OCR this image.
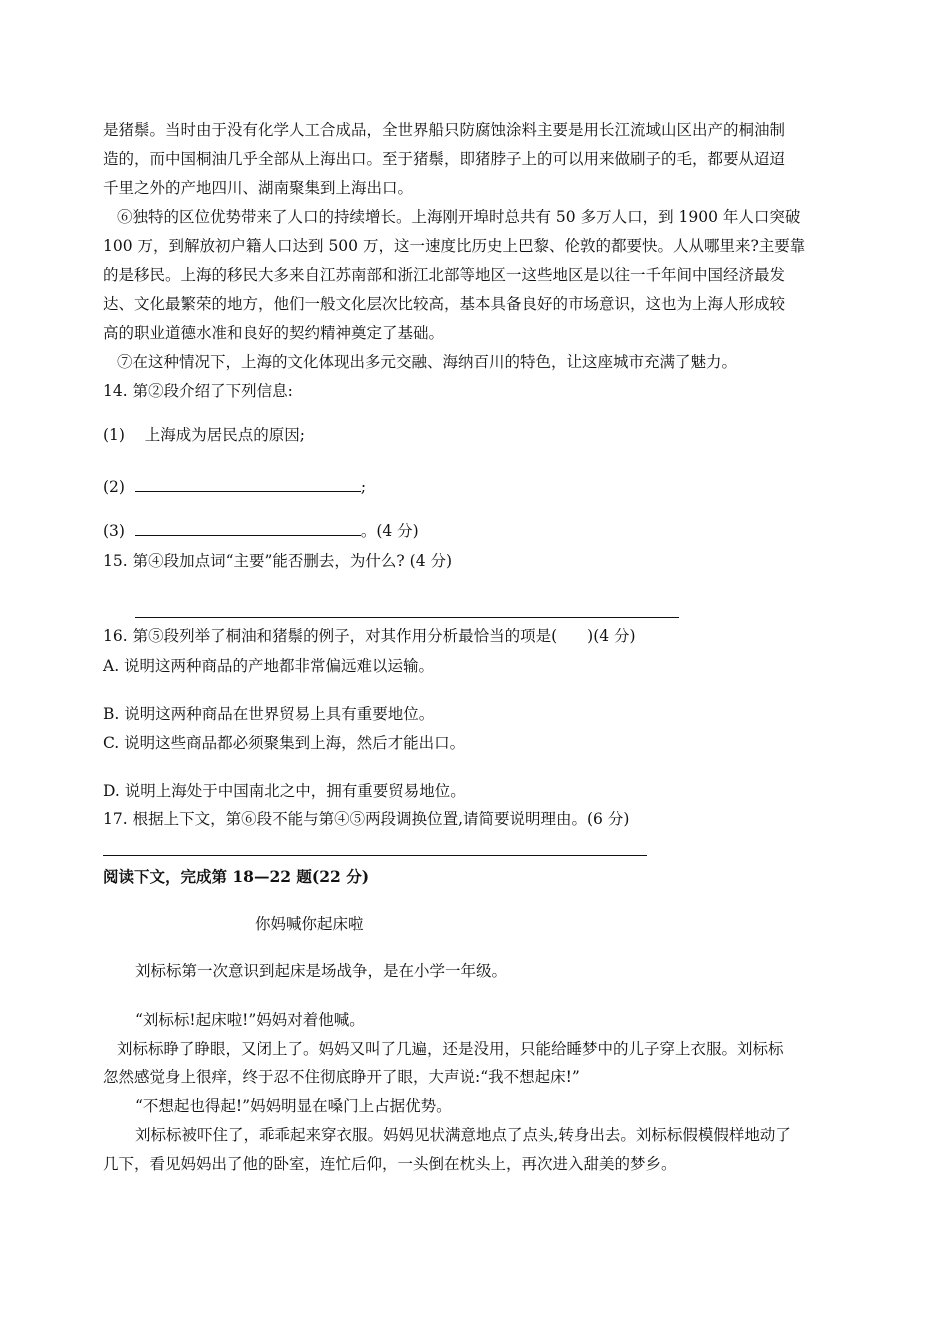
是猪鬃。当时由于没有化学人工合成品，全世界船只防腐蚀涂料主要是用长江流域山区出产的桐油制
造的，而中国桐油几乎全部从上海出口。至于猪鬃，即猪脖子上的可以用来做刷子的毛，都要从迢迢
千里之外的产地四川、湖南聚集到上海出口。
⑥独特的区位优势带来了人口的持续增长。上海刚开埠时总共有 50 多万人口，到 1900 年人口突破
100 万，到解放初户籍人口达到 500 万，这一速度比历史上巴黎、伦敦的都要快。人从哪里来?主要靠
的是移民。上海的移民大多来自江苏南部和浙江北部等地区一这些地区是以往一千年间中国经济最发
达、文化最繁荣的地方，他们一般文化层次比较高，基本具备良好的市场意识，这也为上海人形成较
高的职业道德水准和良好的契约精神奠定了基础。
⑦在这种情况下，上海的文化体现出多元交融、海纳百川的特色，让这座城市充满了魅力。
14. 第②段介绍了下列信息:
(1) 上海成为居民点的原因;
(2)	;
(3)	。(4 分)
15. 第④段加点词“主要”能否删去，为什么? (4 分)
16. 第⑤段列举了桐油和猪鬃的例子，对其作用分析最恰当的项是( )(4 分)
A. 说明这两种商品的产地都非常偏远难以运输。
B. 说明这两种商品在世界贸易上具有重要地位。
C. 说明这些商品都必须聚集到上海，然后才能出口。
D. 说明上海处于中国南北之中，拥有重要贸易地位。
17. 根据上下文，第⑥段不能与第④⑤两段调换位置,请简要说明理由。(6 分)
阅读下文，完成第 18—22 题(22 分)
你妈喊你起床啦
刘标标第一次意识到起床是场战争，是在小学一年级。
“刘标标!起床啦!”妈妈对着他喊。
刘标标睁了睁眼，又闭上了。妈妈又叫了几遍，还是没用，只能给睡梦中的儿子穿上衣服。刘标标
忽然感觉身上很痒，终于忍不住彻底睁开了眼，大声说:“我不想起床!”
“不想起也得起!”妈妈明显在嗓门上占据优势。
刘标标被吓住了，乖乖起来穿衣服。妈妈见状满意地点了点头,转身出去。刘标标假模假样地动了
几下，看见妈妈出了他的卧室，连忙后仰，一头倒在枕头上，再次进入甜美的梦乡。
